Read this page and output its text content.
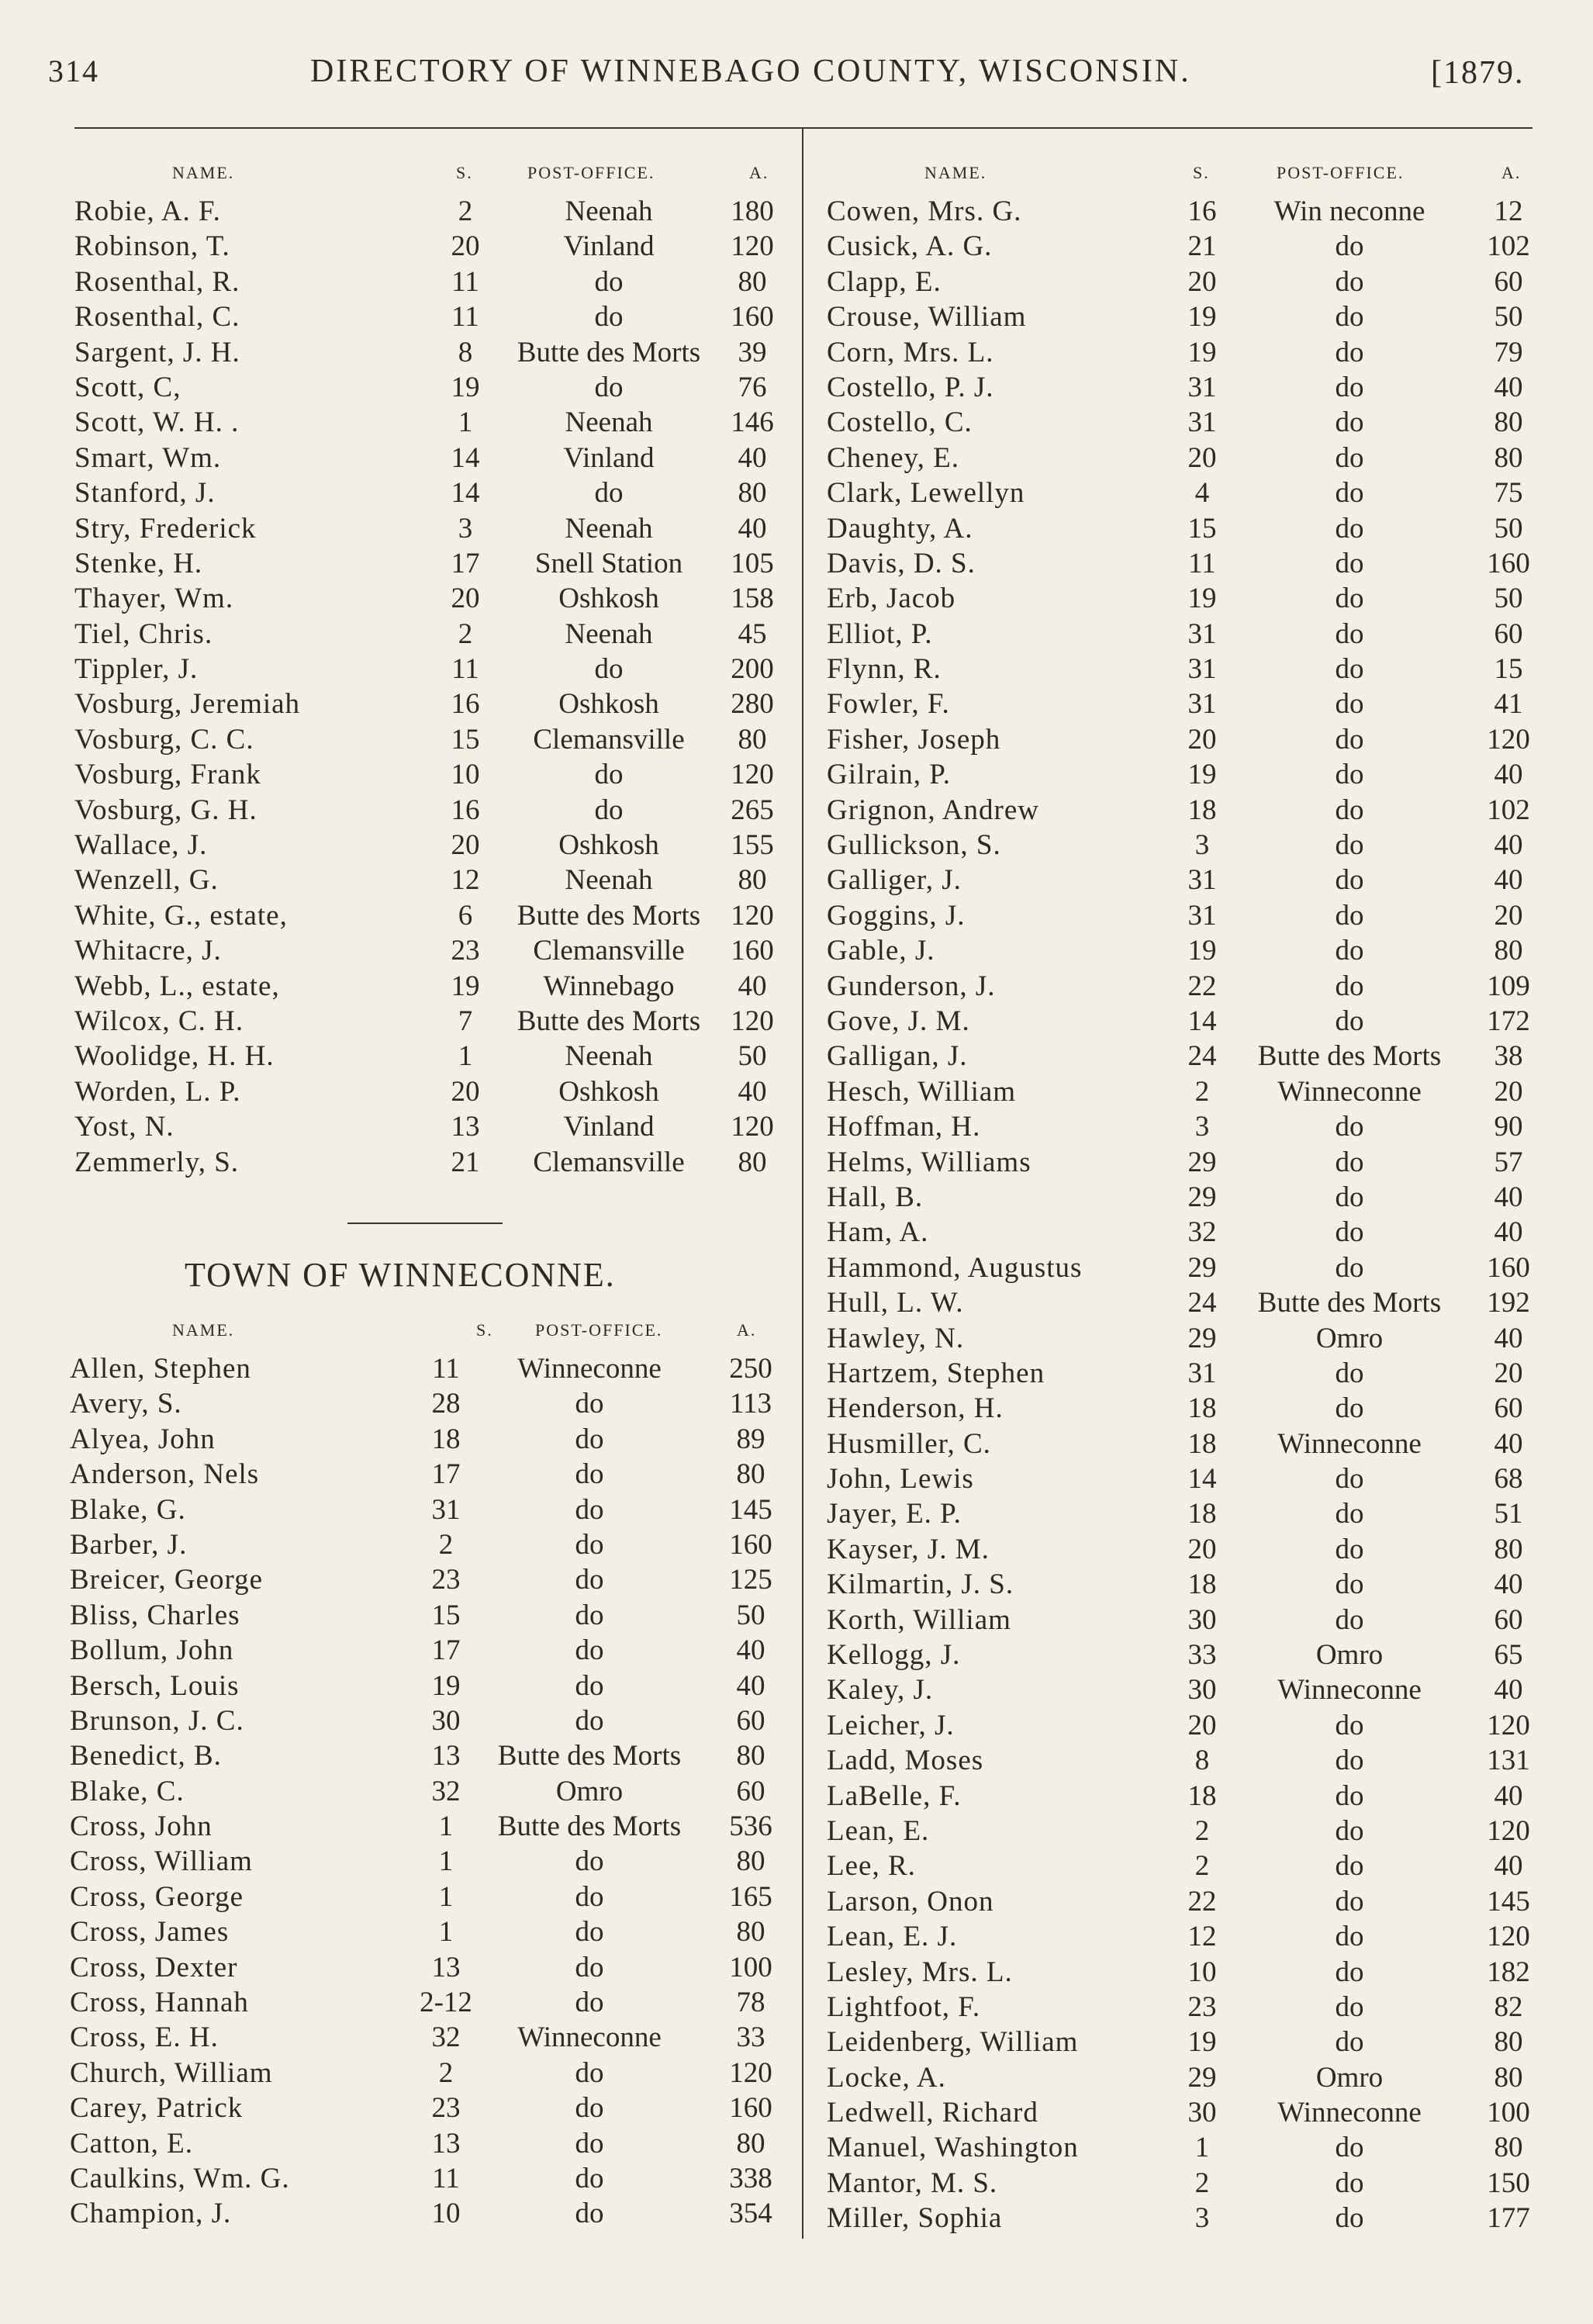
314	DIRECTORY OF WINNEBAGO COUNTY, WISCONSIN.	[1879.
NAME.	S.	POST-OFFICE.	A.
Robie, A. F.	2	Neenah	180
Robinson, T.	20	Vinland	120
Rosenthal, R.	11	do	80
Rosenthal, C.	11	do	160
Sargent, J. H.	8	Butte des Morts	39
Scott, C,	19	do	76
Scott, W. H. .	1	Neenah	146
Smart, Wm.	14	Vinland	40
Stanford, J.	14	do	80
Stry, Frederick	3	Neenah	40
Stenke, H.	17	Snell Station	105
Thayer, Wm.	20	Oshkosh	158
Tiel, Chris.	2	Neenah	45
Tippler, J.	11	do	200
Vosburg, Jeremiah	16	Oshkosh	280
Vosburg, C. C.	15	Clemansville	80
Vosburg, Frank	10	do	120
Vosburg, G. H.	16	do	265
Wallace, J.	20	Oshkosh	155
Wenzell, G.	12	Neenah	80
White, G., estate,	6	Butte des Morts	120
Whitacre, J.	23	Clemansville	160
Webb, L., estate,	19	Winnebago	40
Wilcox, C. H.	7	Butte des Morts	120
Woolidge, H. H.	1	Neenah	50
Worden, L. P.	20	Oshkosh	40
Yost, N.	13	Vinland	120
Zemmerly, S.	21	Clemansville	80
TOWN OF WINNECONNE.
NAME.	S. POST-OFFICE.	A.
Allen, Stephen	11	Winneconne	250
Avery, S.	28	do	113
Alyea, John	18	do	89
Anderson, Nels	17	do	80
Blake, G.	31	do	145
Barber, J.	2	do	160
Breicer, George	23	do	125
Bliss, Charles	15	do	50
Bollum, John	17	do	40
Bersch, Louis	19	do	40
Brunson, J. C.	30	do	60
Benedict, B.	13	Butte des Morts	80
Blake, C.	32	Omro	60
Cross, John	1	Butte des Morts	536
Cross, William	1	do	80
Cross, George	1	do	165
Cross, James	1	do	80
Cross, Dexter	13	do	100
Cross, Hannah	2-12	do	78
Cross, E. H.	32	Winneconne	33
Church, William	2	do	120
Carey, Patrick	23	do	160
Catton, E.	13	do	80
Caulkins, Wm. G.	11	do	338
Champion, J.	10	do	354
NAME.	S.	POST-OFFICE.	A.
Cowen, Mrs. G.	16	Win neconne	12
Cusick, A. G.	21	do	102
Clapp, E.	20	do	60
Crouse, William	19	do	50
Corn, Mrs. L.	19	do	79
Costello, P. J.	31	do	40
Costello, C.	31	do	80
Cheney, E.	20	do	80
Clark, Lewellyn	4	do	75
Daughty, A.	15	do	50
Davis, D. S.	11	do	160
Erb, Jacob	19	do	50
Elliot, P.	31	do	60
Flynn, R.	31	do	15
Fowler, F.	31	do	41
Fisher, Joseph	20	do	120
Gilrain, P.	19	do	40
Grignon, Andrew	18	do	102
Gullickson, S.	3	do	40
Galliger, J.	31	do	40
Goggins, J.	31	do	20
Gable, J.	19	do	80
Gunderson, J.	22	do	109
Gove, J. M.	14	do	172
Galligan, J.	24	Butte des Morts	38
Hesch, William	2	Winneconne	20
Hoffman, H.	3	do	90
Helms, Williams	29	do	57
Hall, B.	29	do	40
Ham, A.	32	do	40
Hammond, Augustus	29	do	160
Hull, L. W.	24	Butte des Morts	192
Hawley, N.	29	Omro	40
Hartzem, Stephen	31	do	20
Henderson, H.	18	do	60
Husmiller, C.	18	Winneconne	40
John, Lewis	14	do	68
Jayer, E. P.	18	do	51
Kayser, J. M.	20	do	80
Kilmartin, J. S.	18	do	40
Korth, William	30	do	60
Kellogg, J.	33	Omro	65
Kaley, J.	30	Winneconne	40
Leicher, J.	20	do	120
Ladd, Moses	8	do	131
LaBelle, F.	18	do	40
Lean, E.	2	do	120
Lee, R.	2	do	40
Larson, Onon	22	do	145
Lean, E. J.	12	do	120
Lesley, Mrs. L.	10	do	182
Lightfoot, F.	23	do	82
Leidenberg, William	19	do	80
Locke, A.	29	Omro	80
Ledwell, Richard	30	Winneconne	100
Manuel, Washington	1	do	80
Mantor, M. S.	2	do	150
Miller, Sophia	3	do	177
